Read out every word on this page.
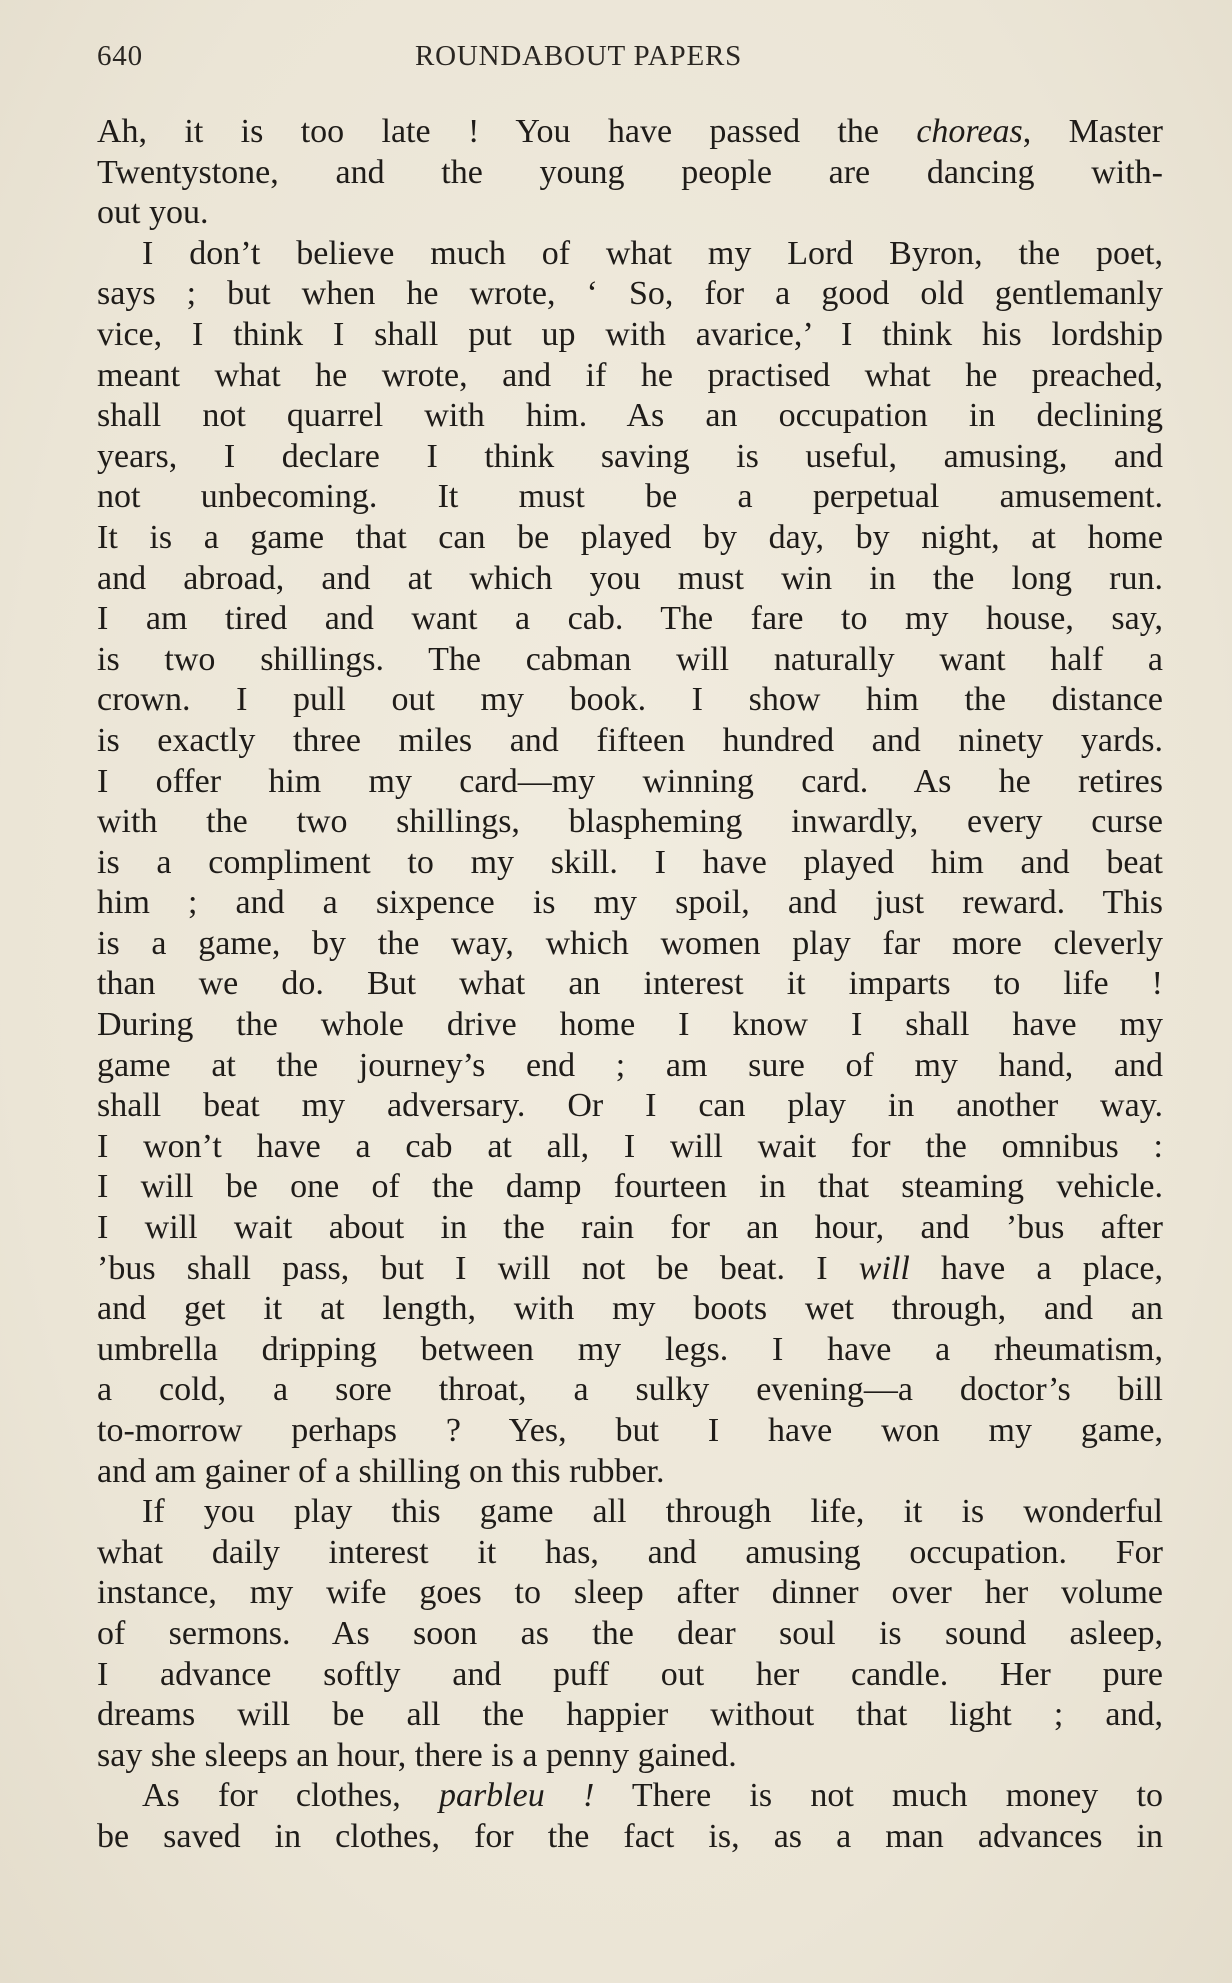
640	ROUNDABOUT PAPERS
Ah, it is too late ! You have passed the choreas, Master
Twentystone, and the young people are dancing with-
out you.
I don’t believe much of what my Lord Byron, the poet,
says ; but when he wrote, ‘ So, for a good old gentlemanly
vice, I think I shall put up with avarice,’ I think his lordship
meant what he wrote, and if he practised what he preached,
shall not quarrel with him. As an occupation in declining
years, I declare I think saving is useful, amusing, and
not unbecoming. It must be a perpetual amusement.
It is a game that can be played by day, by night, at home
and abroad, and at which you must win in the long run.
I am tired and want a cab. The fare to my house, say,
is two shillings. The cabman will naturally want half a
crown. I pull out my book. I show him the distance
is exactly three miles and fifteen hundred and ninety yards.
I offer him my card—my winning card. As he retires
with the two shillings, blaspheming inwardly, every curse
is a compliment to my skill. I have played him and beat
him ; and a sixpence is my spoil, and just reward. This
is a game, by the way, which women play far more cleverly
than we do. But what an interest it imparts to life !
During the whole drive home I know I shall have my
game at the journey’s end ; am sure of my hand, and
shall beat my adversary. Or I can play in another way.
I won’t have a cab at all, I will wait for the omnibus :
I will be one of the damp fourteen in that steaming vehicle.
I will wait about in the rain for an hour, and ’bus after
’bus shall pass, but I will not be beat. I will have a place,
and get it at length, with my boots wet through, and an
umbrella dripping between my legs. I have a rheumatism,
a cold, a sore throat, a sulky evening—a doctor’s bill
to-morrow perhaps ? Yes, but I have won my game,
and am gainer of a shilling on this rubber.
If you play this game all through life, it is wonderful
what daily interest it has, and amusing occupation. For
instance, my wife goes to sleep after dinner over her volume
of sermons. As soon as the dear soul is sound asleep,
I advance softly and puff out her candle. Her pure
dreams will be all the happier without that light ; and,
say she sleeps an hour, there is a penny gained.
As for clothes, parbleu ! There is not much money to
be saved in clothes, for the fact is, as a man advances in
